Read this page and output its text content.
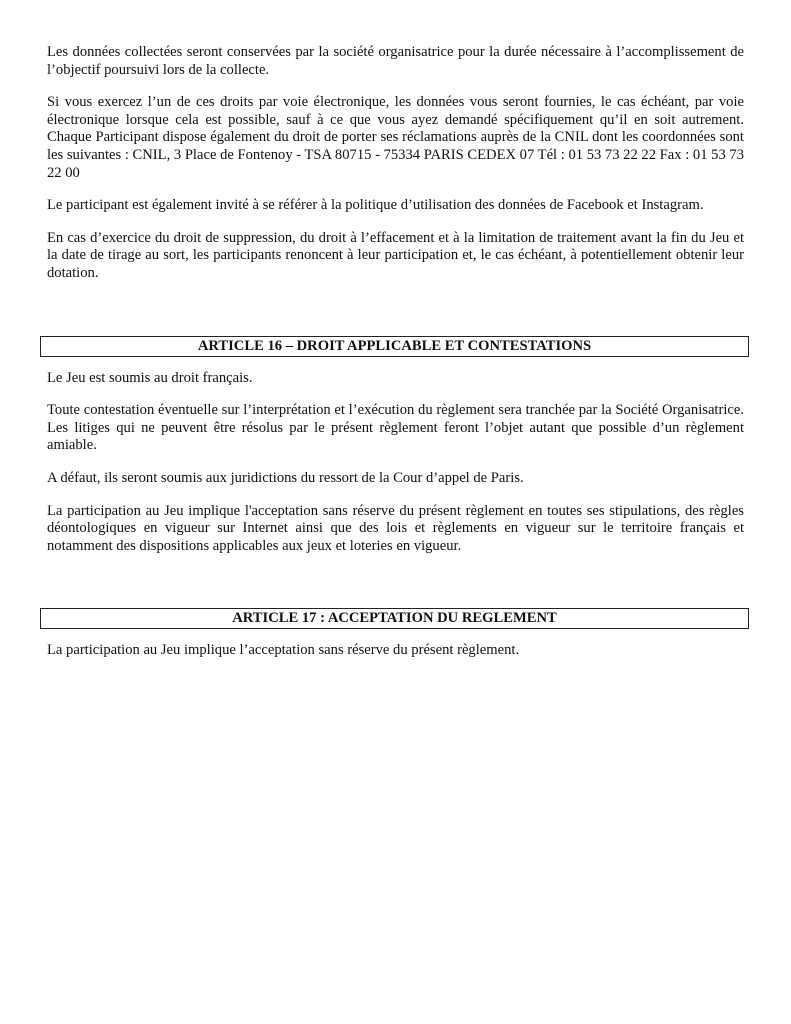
Les données collectées seront conservées par la société organisatrice pour la durée nécessaire à l’accomplissement de l’objectif poursuivi lors de la collecte.

Si vous exercez l’un de ces droits par voie électronique, les données vous seront fournies, le cas échéant, par voie électronique lorsque cela est possible, sauf à ce que vous ayez demandé spécifiquement qu’il en soit autrement. Chaque Participant dispose également du droit de porter ses réclamations auprès de la CNIL dont les coordonnées sont les suivantes : CNIL, 3 Place de Fontenoy - TSA 80715 - 75334 PARIS CEDEX 07 Tél : 01 53 73 22 22 Fax : 01 53 73 22 00

Le participant est également invité à se référer à la politique d’utilisation des données de Facebook et Instagram.

En cas d’exercice du droit de suppression, du droit à l’effacement et à la limitation de traitement avant la fin du Jeu et la date de tirage au sort, les participants renoncent à leur participation et, le cas échéant, à potentiellement obtenir leur dotation.

ARTICLE 16 – DROIT APPLICABLE ET CONTESTATIONS

Le Jeu est soumis au droit français.

Toute contestation éventuelle sur l’interprétation et l’exécution du règlement sera tranchée par la Société Organisatrice. Les litiges qui ne peuvent être résolus par le présent règlement feront l’objet autant que possible d’un règlement amiable.

A défaut, ils seront soumis aux juridictions du ressort de la Cour d’appel de Paris.

La participation au Jeu implique l'acceptation sans réserve du présent règlement en toutes ses stipulations, des règles déontologiques en vigueur sur Internet ainsi que des lois et règlements en vigueur sur le territoire français et notamment des dispositions applicables aux jeux et loteries en vigueur.

ARTICLE 17 : ACCEPTATION DU REGLEMENT

La participation au Jeu implique l’acceptation sans réserve du présent règlement.
